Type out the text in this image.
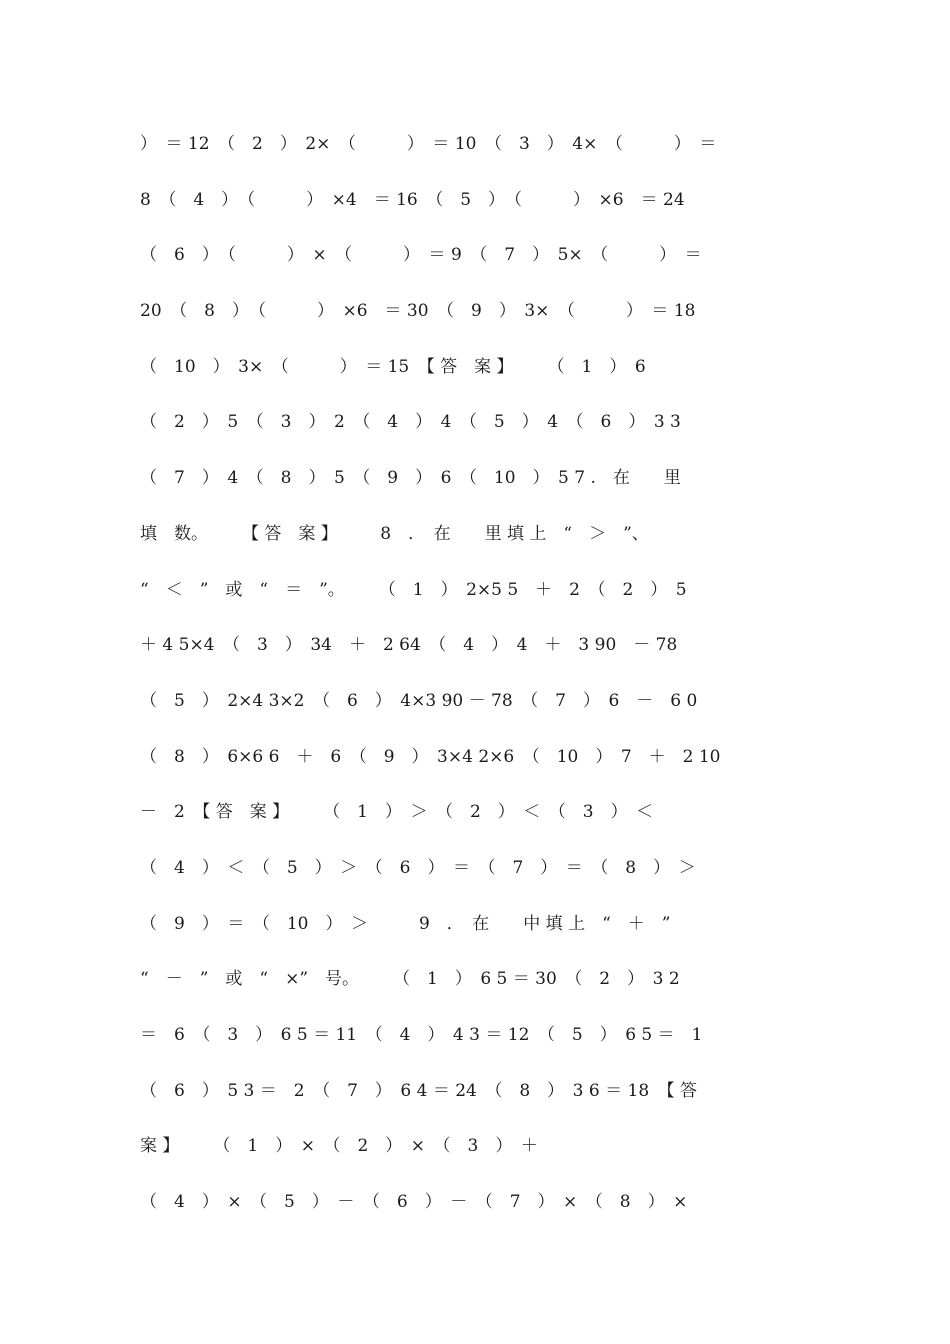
）　＝ 12　（　2　）　2×　（　　　）　＝ 10　（　3　）　4×　（　　　）　＝
8　（　4　）　（　　　）　×4　＝ 16　（　5　）　（　　　）　×6　＝ 24
（　6　）　（　　　）　×　（　　　）　＝ 9　（　7　）　5×　（　　　）　＝
20　（　8　）　（　　　）　×6　＝ 30　（　9　）　3×　（　　　）　＝ 18
（　10　）　3×　（　　　）　＝ 15　【 答　案 】　　　（　1　）　6
（　2　）　5　（　3　）　2　（　4　）　4　（　5　）　4　（　6　）　3 3
（　7　）　4　（　8　）　5　（　9　）　6　（　10　）　5 7 .　在　　里
填　数。　　　【 答　案 】　　　8　．　在　　里 填 上　“　＞　”、
“　＜　”　或　“　＝　”。　　　（　1　）　2×5 5　＋　2　（　2　）　5
＋ 4 5×4　（　3　）　34　＋　2 64　（　4　）　4　＋　3 90　－ 78
（　5　）　2×4 3×2　（　6　）　4×3 90 － 78　（　7　）　6　－　6 0
（　8　）　6×6 6　＋　6　（　9　）　3×4 2×6　（　10　）　7　＋　2 10
－　2　【 答　案 】　　　（　1　）　＞　（　2　）　＜　（　3　）　＜
（　4　）　＜　（　5　）　＞　（　6　）　＝　（　7　）　＝　（　8　）　＞
（　9　）　＝　（　10　）　＞　　　9　．　在　　中 填 上　“　＋　”
“　－　”　或　“　×”　号。　　　（　1　）　6 5 ＝ 30　（　2　）　3 2
＝　6　（　3　）　6 5 ＝ 11　（　4　）　4 3 ＝ 12　（　5　）　6 5 ＝　1
（　6　）　5 3 ＝　2　（　7　）　6 4 ＝ 24　（　8　）　3 6 ＝ 18　【 答
案 】　　　（　1　）　×　（　2　）　×　（　3　）　＋
（　4　）　×　（　5　）　－　（　6　）　－　（　7　）　×　（　8　）　×
